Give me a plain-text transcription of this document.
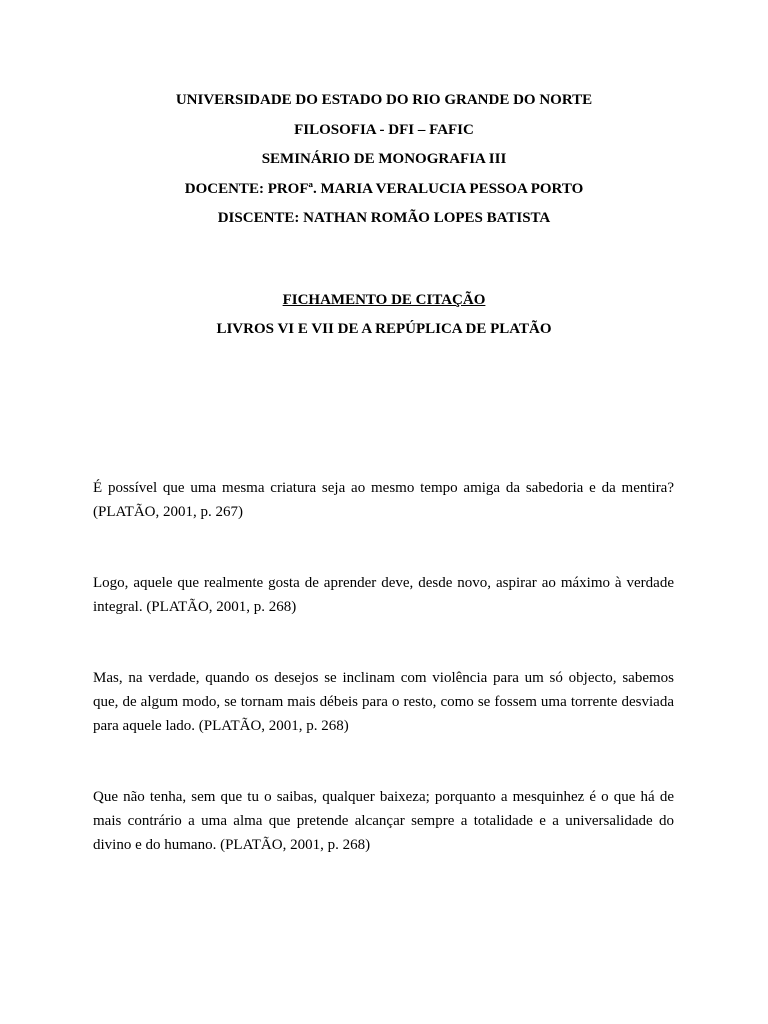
UNIVERSIDADE DO ESTADO DO RIO GRANDE DO NORTE
FILOSOFIA - DFI – FAFIC
SEMINÁRIO DE MONOGRAFIA III
DOCENTE: PROFª. MARIA VERALUCIA PESSOA PORTO
DISCENTE: NATHAN ROMÃO LOPES BATISTA
FICHAMENTO DE CITAÇÃO
LIVROS VI E VII DE A REPÚPLICA DE PLATÃO

É possível que uma mesma criatura seja ao mesmo tempo amiga da sabedoria e da mentira? (PLATÃO, 2001, p. 267)

Logo, aquele que realmente gosta de aprender deve, desde novo, aspirar ao máximo à verdade integral. (PLATÃO, 2001, p. 268)

Mas, na verdade, quando os desejos se inclinam com violência para um só objecto, sabemos que, de algum modo, se tornam mais débeis para o resto, como se fossem uma torrente desviada para aquele lado. (PLATÃO, 2001, p. 268)

Que não tenha, sem que tu o saibas, qualquer baixeza; porquanto a mesquinhez é o que há de mais contrário a uma alma que pretende alcançar sempre a totalidade e a universalidade do divino e do humano. (PLATÃO, 2001, p. 268)
